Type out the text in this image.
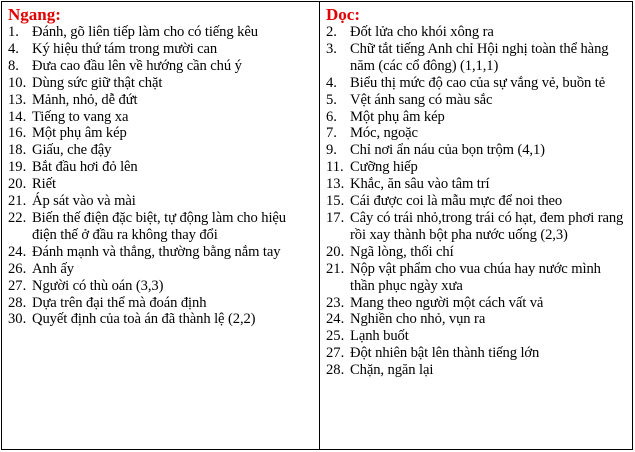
Ngang:
1. Đánh, gõ liên tiếp làm cho có tiếng kêu
4. Ký hiệu thứ tám trong mười can
8. Đưa cao đầu lên về hướng cần chú ý
10. Dùng sức giữ thật chặt
13. Mảnh, nhỏ, dễ đứt
14. Tiếng to vang xa
16. Một phụ âm kép
18. Giấu, che đậy
19. Bắt đầu hơi đỏ lên
20. Riết
21. Áp sát vào và mài
22. Biến thế điện đặc biệt, tự động làm cho hiệu điện thế ở đầu ra không thay đổi
24. Đánh mạnh và thẳng, thường bằng nắm tay
26. Anh ấy
27. Người có thù oán (3,3)
28. Dựa trên đại thể mà đoán định
30. Quyết định của toà án đã thành lệ (2,2)
Dọc:
2. Đốt lửa cho khói xông ra
3. Chữ tắt tiếng Anh chỉ Hội nghị toàn thể hàng năm (các cổ đông) (1,1,1)
4. Biểu thị mức độ cao của sự vắng vẻ, buồn tẻ
5. Vệt ánh sang có màu sắc
6. Một phụ âm kép
7. Móc, ngoặc
9. Chỉ nơi ẩn náu của bọn trộm (4,1)
11. Cưỡng hiếp
13. Khắc, ăn sâu vào tâm trí
15. Cái được coi là mẫu mực để noi theo
17. Cây có trái nhỏ,trong trái có hạt, đem phơi rang rồi xay thành bột pha nước uống (2,3)
20. Ngã lòng, thối chí
21. Nộp vật phẩm cho vua chúa hay nước mình thần phục ngày xưa
23. Mang theo người một cách vất vả
24. Nghiền cho nhỏ, vụn ra
25. Lạnh buốt
27. Đột nhiên bật lên thành tiếng lớn
28. Chặn, ngăn lại
